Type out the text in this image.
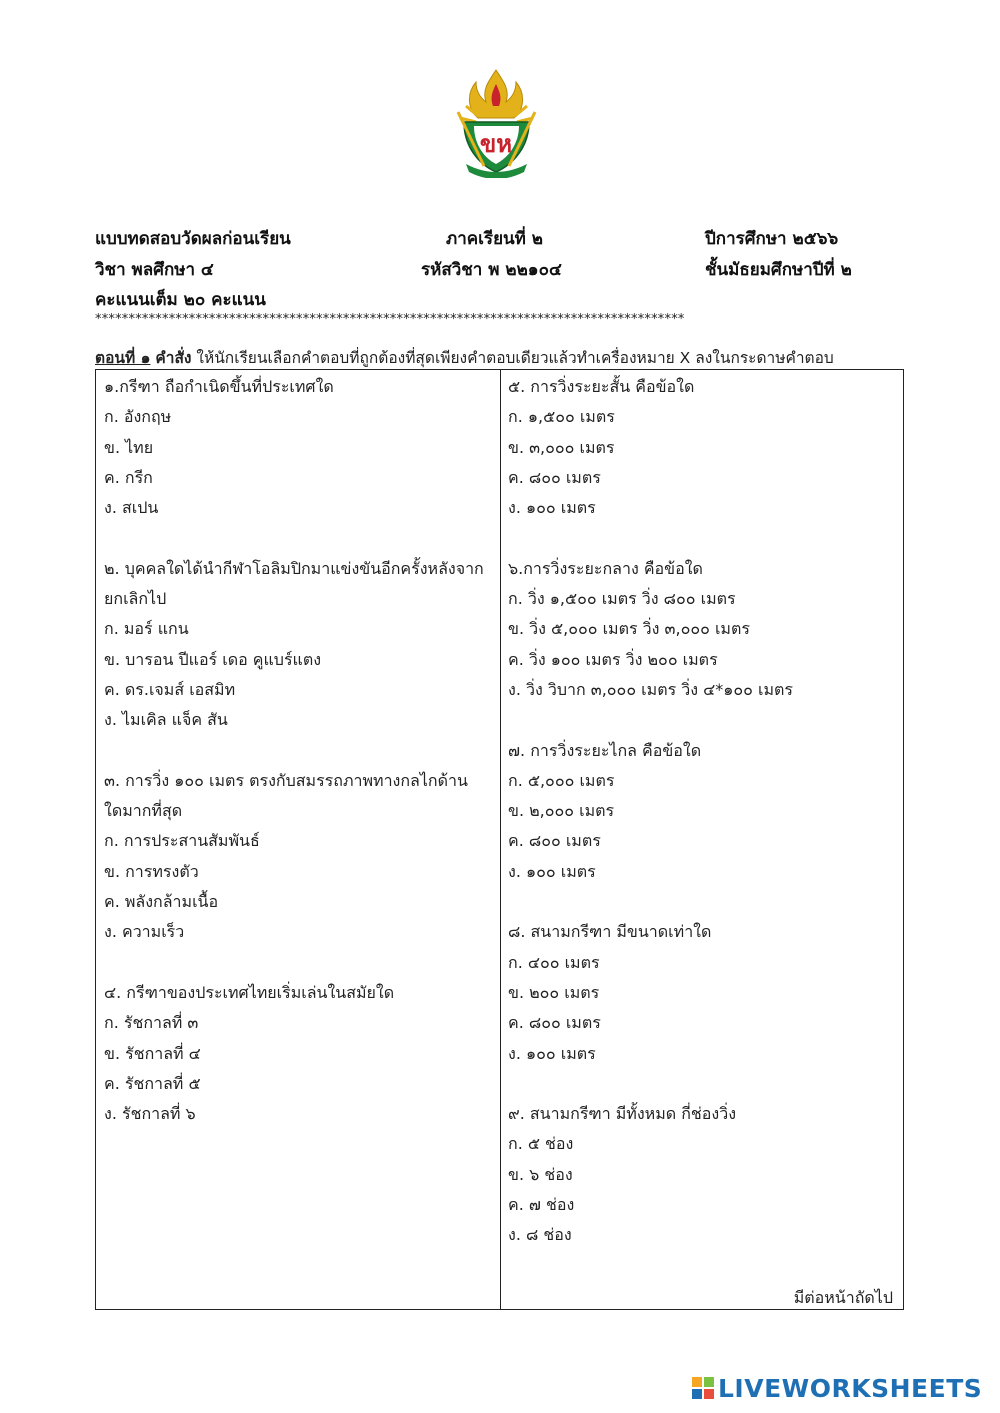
ขห
แบบทดสอบวัดผลก่อนเรียน	ภาคเรียนที่ ๒	ปีการศึกษา ๒๕๖๖
วิชา พลศึกษา ๔	รหัสวิชา พ ๒๒๑๐๔	ชั้นมัธยมศึกษาปีที่ ๒
คะแนนเต็ม ๒๐ คะแนน
****************************************************************************************
ตอนที่ ๑ คำสั่ง ให้นักเรียนเลือกคำตอบที่ถูกต้องที่สุดเพียงคำตอบเดียวแล้วทำเครื่องหมาย X ลงในกระดาษคำตอบ
๑.กรีฑา ถือกำเนิดขึ้นที่ประเทศใด
ก. อังกฤษ
ข. ไทย
ค. กรีก
ง. สเปน
๒. บุคคลใดได้นำกีฬาโอลิมปิกมาแข่งขันอีกครั้งหลังจาก
ยกเลิกไป
ก. มอร์ แกน
ข. บารอน ปีแอร์ เดอ คูแบร์แตง
ค. ดร.เจมส์ เอสมิท
ง. ไมเคิล แจ็ค สัน
๓. การวิ่ง ๑๐๐ เมตร ตรงกับสมรรถภาพทางกลไกด้าน
ใดมากที่สุด
ก. การประสานสัมพันธ์
ข. การทรงตัว
ค. พลังกล้ามเนื้อ
ง. ความเร็ว
๔. กรีฑาของประเทศไทยเริ่มเล่นในสมัยใด
ก. รัชกาลที่ ๓
ข. รัชกาลที่ ๔
ค. รัชกาลที่ ๕
ง. รัชกาลที่ ๖
๕. การวิ่งระยะสั้น คือข้อใด
ก. ๑,๕๐๐ เมตร
ข. ๓,๐๐๐ เมตร
ค. ๘๐๐ เมตร
ง. ๑๐๐ เมตร
๖.การวิ่งระยะกลาง คือข้อใด
ก. วิ่ง ๑,๕๐๐ เมตร วิ่ง ๘๐๐ เมตร
ข. วิ่ง ๕,๐๐๐ เมตร วิ่ง ๓,๐๐๐ เมตร
ค. วิ่ง ๑๐๐ เมตร วิ่ง ๒๐๐ เมตร
ง. วิ่ง วิบาก ๓,๐๐๐ เมตร วิ่ง ๔*๑๐๐ เมตร
๗. การวิ่งระยะไกล คือข้อใด
ก. ๕,๐๐๐ เมตร
ข. ๒,๐๐๐ เมตร
ค. ๘๐๐ เมตร
ง. ๑๐๐ เมตร
๘. สนามกรีฑา มีขนาดเท่าใด
ก. ๔๐๐ เมตร
ข. ๒๐๐ เมตร
ค. ๘๐๐ เมตร
ง. ๑๐๐ เมตร
๙. สนามกรีฑา มีทั้งหมด กี่ช่องวิ่ง
ก. ๕ ช่อง
ข. ๖ ช่อง
ค. ๗ ช่อง
ง. ๘ ช่อง
มีต่อหน้าถัดไป
LIVEWORKSHEETS
